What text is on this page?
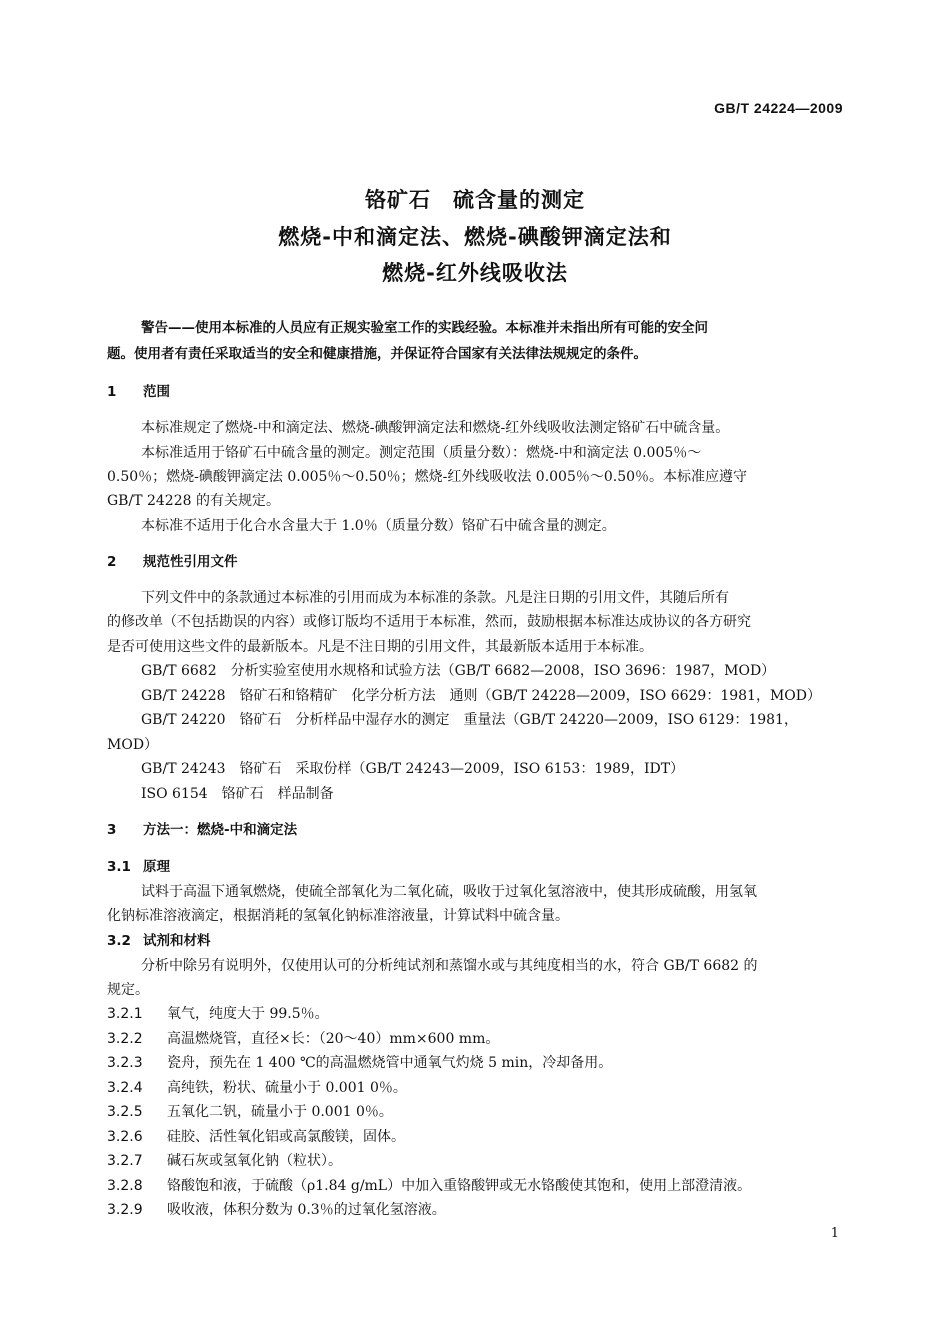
GB/T 24224—2009
铬矿石　硫含量的测定
燃烧-中和滴定法、燃烧-碘酸钾滴定法和
燃烧-红外线吸收法
警告——使用本标准的人员应有正规实验室工作的实践经验。本标准并未指出所有可能的安全问
题。使用者有责任采取适当的安全和健康措施，并保证符合国家有关法律法规规定的条件。
1 范围
本标准规定了燃烧-中和滴定法、燃烧-碘酸钾滴定法和燃烧-红外线吸收法测定铬矿石中硫含量。
本标准适用于铬矿石中硫含量的测定。测定范围（质量分数）：燃烧-中和滴定法 0.005％～
0.50％；燃烧-碘酸钾滴定法 0.005％～0.50％；燃烧-红外线吸收法 0.005％～0.50％。本标准应遵守
GB/T 24228 的有关规定。
本标准不适用于化合水含量大于 1.0％（质量分数）铬矿石中硫含量的测定。
2 规范性引用文件
下列文件中的条款通过本标准的引用而成为本标准的条款。凡是注日期的引用文件，其随后所有
的修改单（不包括勘误的内容）或修订版均不适用于本标准，然而，鼓励根据本标准达成协议的各方研究
是否可使用这些文件的最新版本。凡是不注日期的引用文件，其最新版本适用于本标准。
GB/T 6682　分析实验室使用水规格和试验方法（GB/T 6682—2008，ISO 3696：1987，MOD）
GB/T 24228　铬矿石和铬精矿　化学分析方法　通则（GB/T 24228—2009，ISO 6629：1981，MOD）
GB/T 24220　铬矿石　分析样品中湿存水的测定　重量法（GB/T 24220—2009，ISO 6129：1981，
MOD）
GB/T 24243　铬矿石　采取份样（GB/T 24243—2009，ISO 6153：1989，IDT）
ISO 6154　铬矿石　样品制备
3 方法一：燃烧-中和滴定法
3.1 原理
试料于高温下通氧燃烧，使硫全部氧化为二氧化硫，吸收于过氧化氢溶液中，使其形成硫酸，用氢氧
化钠标准溶液滴定，根据消耗的氢氧化钠标准溶液量，计算试料中硫含量。
3.2 试剂和材料
分析中除另有说明外，仅使用认可的分析纯试剂和蒸馏水或与其纯度相当的水，符合 GB/T 6682 的
规定。
3.2.1 氧气，纯度大于 99.5％。
3.2.2 高温燃烧管，直径×长：（20～40）mm×600 mm。
3.2.3 瓷舟，预先在 1 400 ℃的高温燃烧管中通氧气灼烧 5 min，冷却备用。
3.2.4 高纯铁，粉状、硫量小于 0.001 0％。
3.2.5 五氧化二钒，硫量小于 0.001 0％。
3.2.6 硅胶、活性氧化铝或高氯酸镁，固体。
3.2.7 碱石灰或氢氧化钠（粒状）。
3.2.8 铬酸饱和液，于硫酸（ρ1.84 g/mL）中加入重铬酸钾或无水铬酸使其饱和，使用上部澄清液。
3.2.9 吸收液，体积分数为 0.3％的过氧化氢溶液。
1
